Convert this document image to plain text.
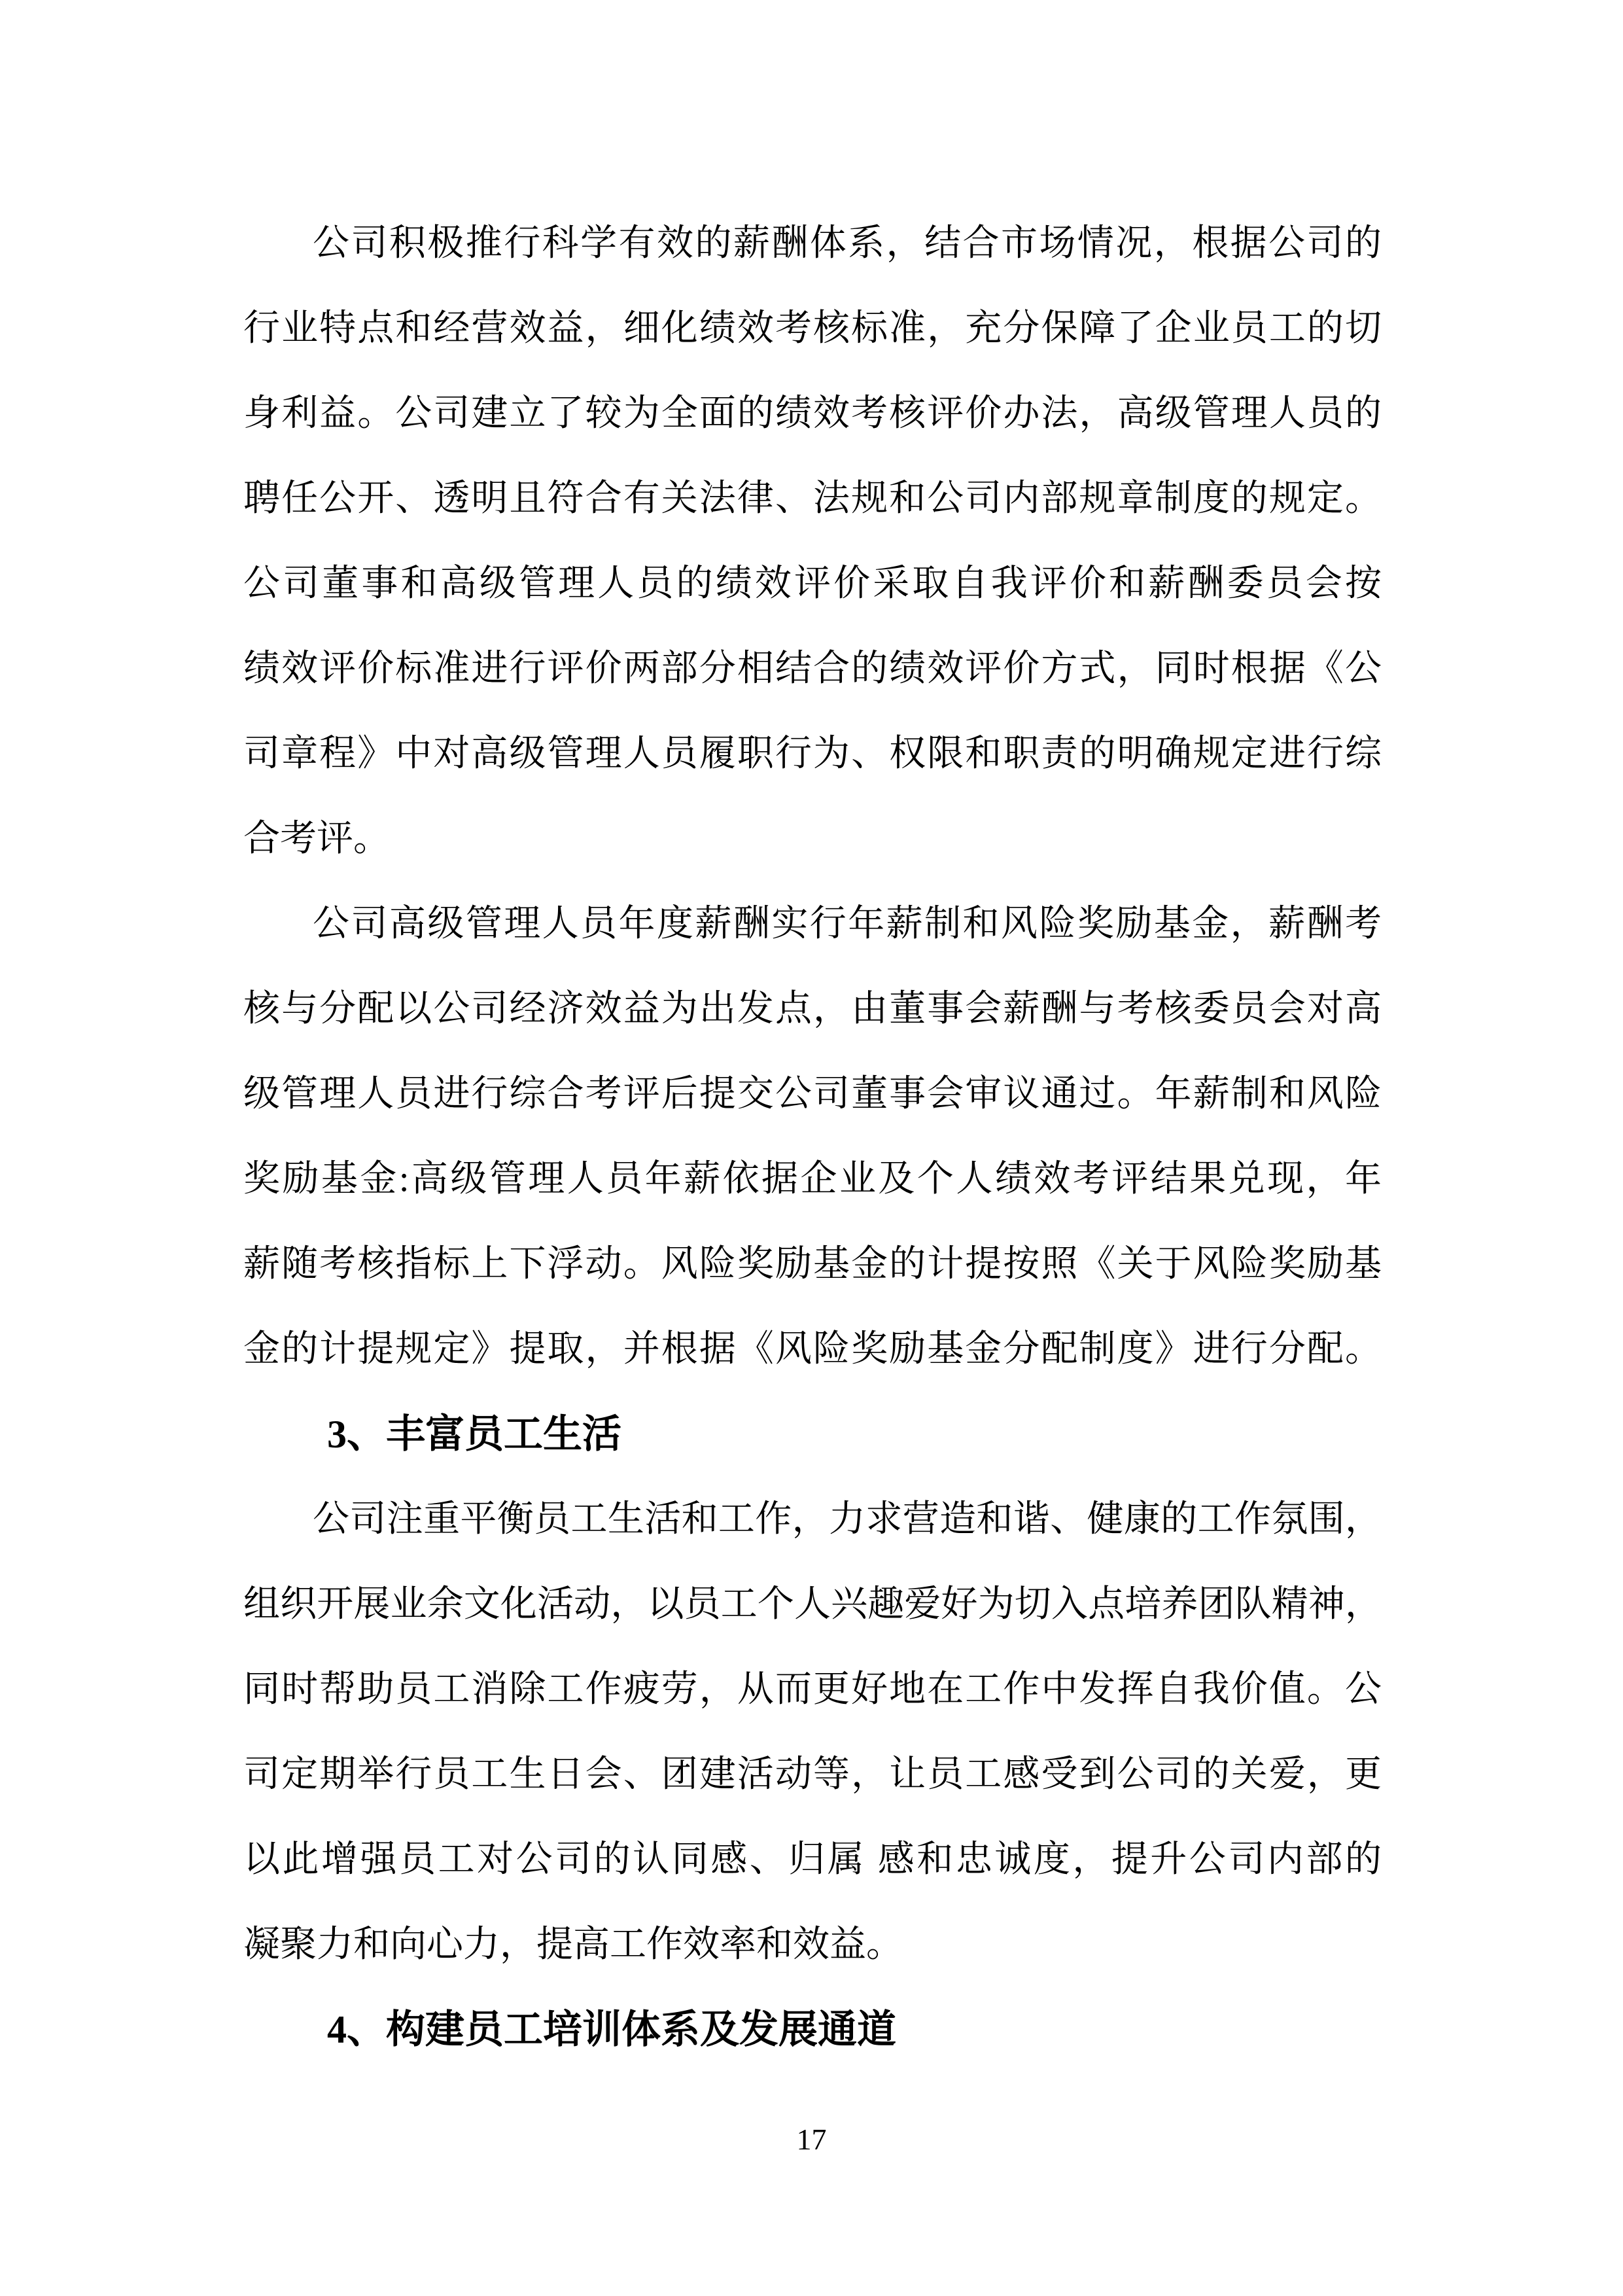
公司积极推行科学有效的薪酬体系，结合市场情况，根据公司的

行业特点和经营效益，细化绩效考核标准，充分保障了企业员工的切

身利益。公司建立了较为全面的绩效考核评价办法，高级管理人员的

聘任公开、透明且符合有关法律、法规和公司内部规章制度的规定。

公司董事和高级管理人员的绩效评价采取自我评价和薪酬委员会按

绩效评价标准进行评价两部分相结合的绩效评价方式，同时根据《公

司章程》中对高级管理人员履职行为、权限和职责的明确规定进行综

合考评。

公司高级管理人员年度薪酬实行年薪制和风险奖励基金，薪酬考

核与分配以公司经济效益为出发点，由董事会薪酬与考核委员会对高

级管理人员进行综合考评后提交公司董事会审议通过。年薪制和风险

奖励基金:高级管理人员年薪依据企业及个人绩效考评结果兑现，年

薪随考核指标上下浮动。风险奖励基金的计提按照《关于风险奖励基

金的计提规定》提取，并根据《风险奖励基金分配制度》进行分配。

3、丰富员工生活

公司注重平衡员工生活和工作，力求营造和谐、健康的工作氛围，

组织开展业余文化活动，以员工个人兴趣爱好为切入点培养团队精神，

同时帮助员工消除工作疲劳，从而更好地在工作中发挥自我价值。公

司定期举行员工生日会、团建活动等，让员工感受到公司的关爱，更

以此增强员工对公司的认同感、归属 感和忠诚度，提升公司内部的

凝聚力和向心力，提高工作效率和效益。

4、构建员工培训体系及发展通道

17
